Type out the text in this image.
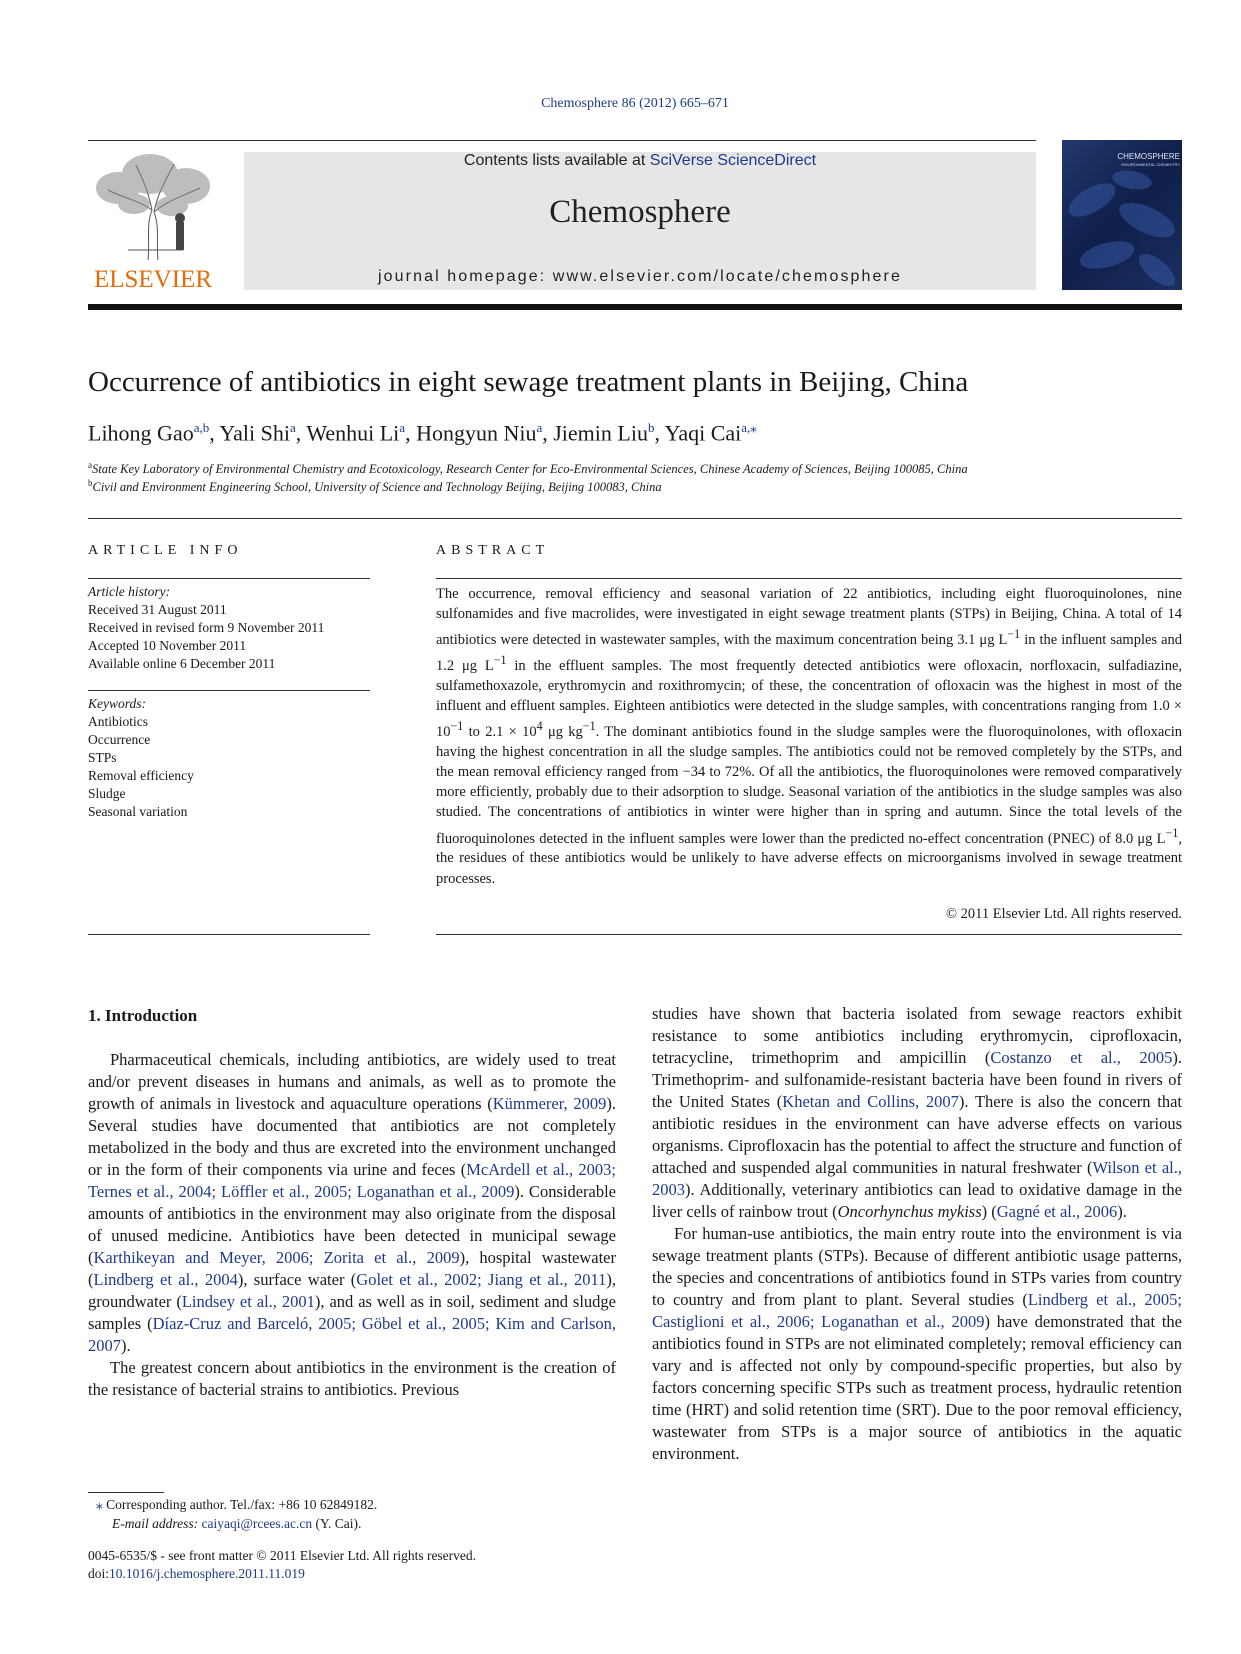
Chemosphere 86 (2012) 665–671
ELSEVIER
Contents lists available at SciVerse ScienceDirect
Chemosphere
journal homepage: www.elsevier.com/locate/chemosphere
CHEMOSPHERE
ENVIRONMENTAL CHEMISTRY
Occurrence of antibiotics in eight sewage treatment plants in Beijing, China
Lihong Gao$^{a,b}$, Yali Shi$^a$, Wenhui Li$^a$, Hongyun Niu$^a$, Jiemin Liu$^b$, Yaqi Cai$^{a,⁎}$
$^a$State Key Laboratory of Environmental Chemistry and Ecotoxicology, Research Center for Eco-Environmental Sciences, Chinese Academy of Sciences, Beijing 100085, China
$^b$Civil and Environment Engineering School, University of Science and Technology Beijing, Beijing 100083, China
ARTICLE INFO
Article history:
Received 31 August 2011
Received in revised form 9 November 2011
Accepted 10 November 2011
Available online 6 December 2011
Keywords:
Antibiotics
Occurrence
STPs
Removal efficiency
Sludge
Seasonal variation
ABSTRACT
The occurrence, removal efficiency and seasonal variation of 22 antibiotics, including eight fluoroquinolones, nine sulfonamides and five macrolides, were investigated in eight sewage treatment plants (STPs) in Beijing, China. A total of 14 antibiotics were detected in wastewater samples, with the maximum concentration being 3.1 μg $L^{-1}$ in the influent samples and 1.2 μg $L^{-1}$ in the effluent samples. The most frequently detected antibiotics were ofloxacin, norfloxacin, sulfadiazine, sulfamethoxazole, erythromycin and roxithromycin; of these, the concentration of ofloxacin was the highest in most of the influent and effluent samples. Eighteen antibiotics were detected in the sludge samples, with concentrations ranging from $1.0 \times 10^{-1}$ to $2.1 \times 10^4$ μg $kg^{-1}$. The dominant antibiotics found in the sludge samples were the fluoroquinolones, with ofloxacin having the highest concentration in all the sludge samples. The antibiotics could not be removed completely by the STPs, and the mean removal efficiency ranged from −34 to 72%. Of all the antibiotics, the fluoroquinolones were removed comparatively more efficiently, probably due to their adsorption to sludge. Seasonal variation of the antibiotics in the sludge samples was also studied. The concentrations of antibiotics in winter were higher than in spring and autumn. Since the total levels of the fluoroquinolones detected in the influent samples were lower than the predicted no-effect concentration (PNEC) of 8.0 μg $L^{-1}$, the residues of these antibiotics would be unlikely to have adverse effects on microorganisms involved in sewage treatment processes.
© 2011 Elsevier Ltd. All rights reserved.
1. Introduction

Pharmaceutical chemicals, including antibiotics, are widely used to treat and/or prevent diseases in humans and animals, as well as to promote the growth of animals in livestock and aquaculture operations (Kümmerer, 2009). Several studies have documented that antibiotics are not completely metabolized in the body and thus are excreted into the environment unchanged or in the form of their components via urine and feces (McArdell et al., 2003; Ternes et al., 2004; Löffler et al., 2005; Loganathan et al., 2009). Considerable amounts of antibiotics in the environment may also originate from the disposal of unused medicine. Antibiotics have been detected in municipal sewage (Karthikeyan and Meyer, 2006; Zorita et al., 2009), hospital wastewater (Lindberg et al., 2004), surface water (Golet et al., 2002; Jiang et al., 2011), groundwater (Lindsey et al., 2001), and as well as in soil, sediment and sludge samples (Díaz-Cruz and Barceló, 2005; Göbel et al., 2005; Kim and Carlson, 2007).

The greatest concern about antibiotics in the environment is the creation of the resistance of bacterial strains to antibiotics. Previous

studies have shown that bacteria isolated from sewage reactors exhibit resistance to some antibiotics including erythromycin, ciprofloxacin, tetracycline, trimethoprim and ampicillin (Costanzo et al., 2005). Trimethoprim- and sulfonamide-resistant bacteria have been found in rivers of the United States (Khetan and Collins, 2007). There is also the concern that antibiotic residues in the environment can have adverse effects on various organisms. Ciprofloxacin has the potential to affect the structure and function of attached and suspended algal communities in natural freshwater (Wilson et al., 2003). Additionally, veterinary antibiotics can lead to oxidative damage in the liver cells of rainbow trout (Oncorhynchus mykiss) (Gagné et al., 2006).

For human-use antibiotics, the main entry route into the environment is via sewage treatment plants (STPs). Because of different antibiotic usage patterns, the species and concentrations of antibiotics found in STPs varies from country to country and from plant to plant. Several studies (Lindberg et al., 2005; Castiglioni et al., 2006; Loganathan et al., 2009) have demonstrated that the antibiotics found in STPs are not eliminated completely; removal efficiency can vary and is affected not only by compound-specific properties, but also by factors concerning specific STPs such as treatment process, hydraulic retention time (HRT) and solid retention time (SRT). Due to the poor removal efficiency, wastewater from STPs is a major source of antibiotics in the aquatic environment.

⁎ Corresponding author. Tel./fax: +86 10 62849182.
E-mail address: caiyaqi@rcees.ac.cn (Y. Cai).
0045-6535/$ - see front matter © 2011 Elsevier Ltd. All rights reserved.
doi:10.1016/j.chemosphere.2011.11.019
